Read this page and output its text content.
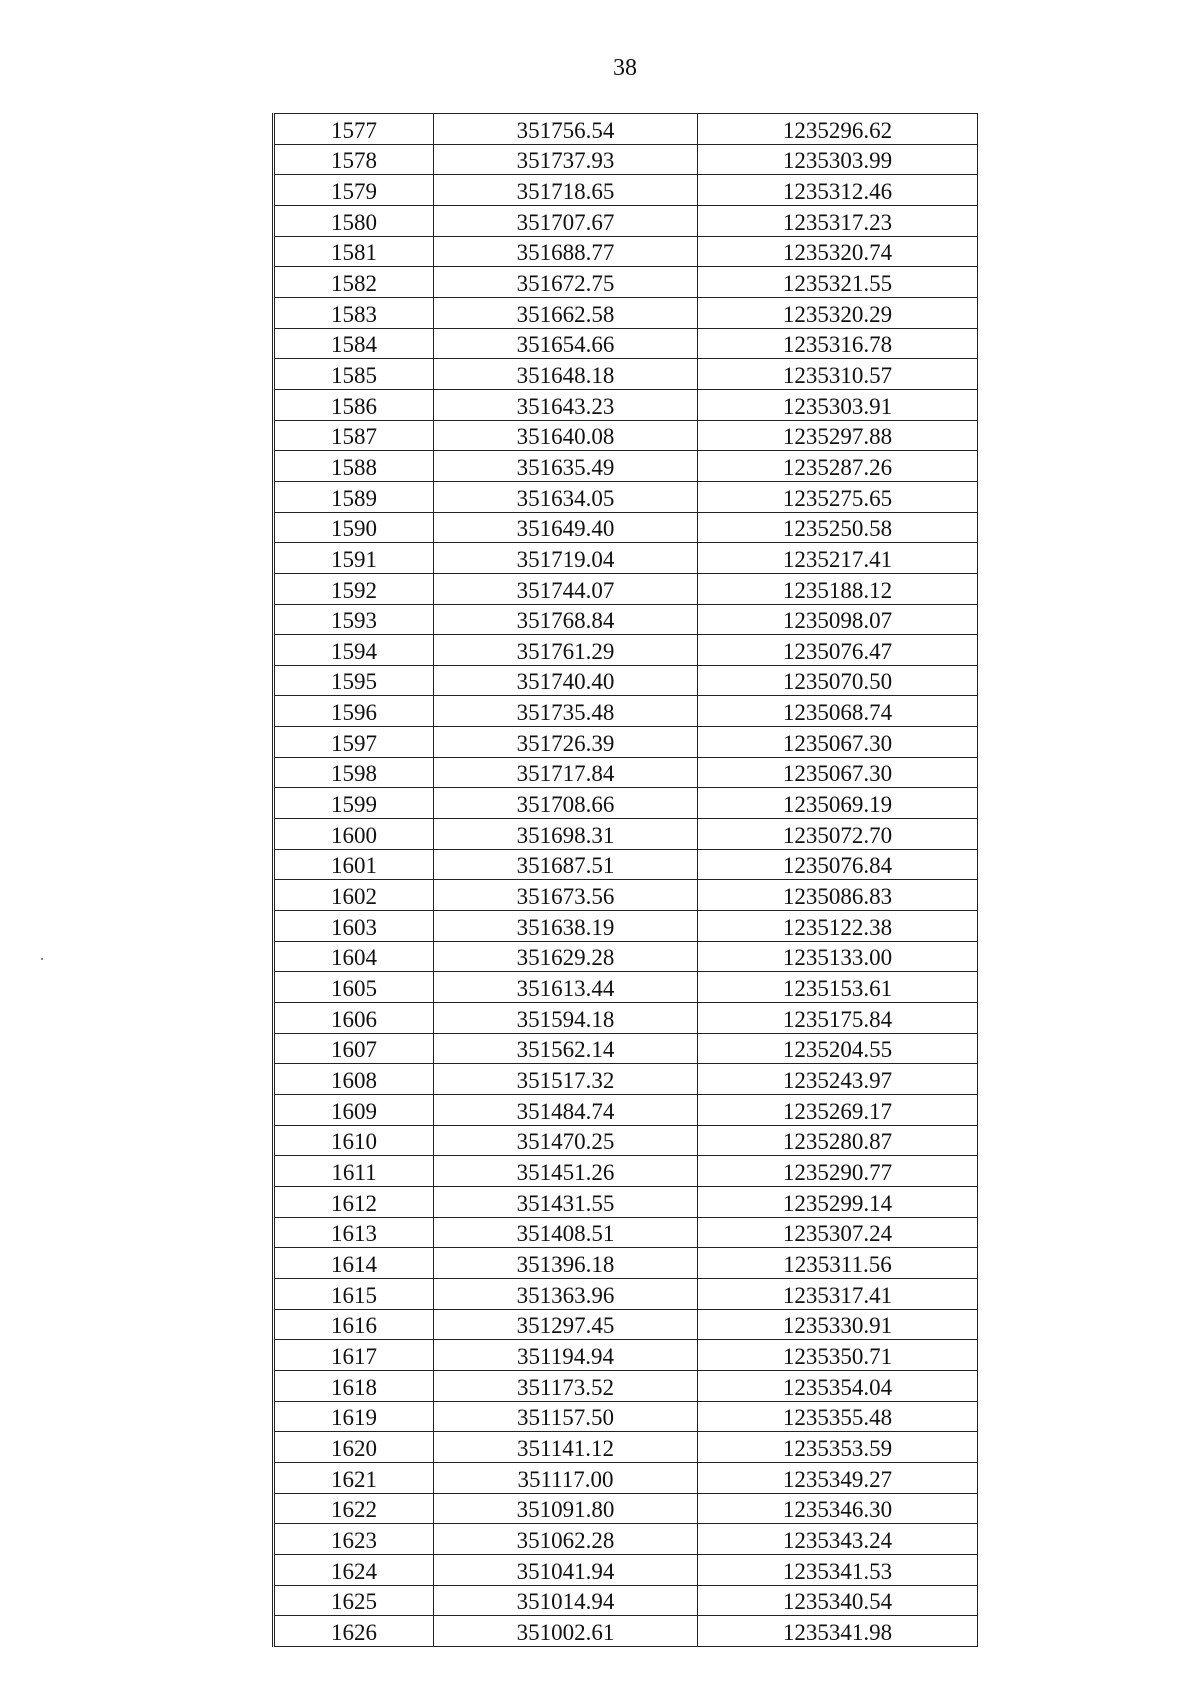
38
1577	351756.54	1235296.62
1578	351737.93	1235303.99
1579	351718.65	1235312.46
1580	351707.67	1235317.23
1581	351688.77	1235320.74
1582	351672.75	1235321.55
1583	351662.58	1235320.29
1584	351654.66	1235316.78
1585	351648.18	1235310.57
1586	351643.23	1235303.91
1587	351640.08	1235297.88
1588	351635.49	1235287.26
1589	351634.05	1235275.65
1590	351649.40	1235250.58
1591	351719.04	1235217.41
1592	351744.07	1235188.12
1593	351768.84	1235098.07
1594	351761.29	1235076.47
1595	351740.40	1235070.50
1596	351735.48	1235068.74
1597	351726.39	1235067.30
1598	351717.84	1235067.30
1599	351708.66	1235069.19
1600	351698.31	1235072.70
1601	351687.51	1235076.84
1602	351673.56	1235086.83
1603	351638.19	1235122.38
1604	351629.28	1235133.00
1605	351613.44	1235153.61
1606	351594.18	1235175.84
1607	351562.14	1235204.55
1608	351517.32	1235243.97
1609	351484.74	1235269.17
1610	351470.25	1235280.87
1611	351451.26	1235290.77
1612	351431.55	1235299.14
1613	351408.51	1235307.24
1614	351396.18	1235311.56
1615	351363.96	1235317.41
1616	351297.45	1235330.91
1617	351194.94	1235350.71
1618	351173.52	1235354.04
1619	351157.50	1235355.48
1620	351141.12	1235353.59
1621	351117.00	1235349.27
1622	351091.80	1235346.30
1623	351062.28	1235343.24
1624	351041.94	1235341.53
1625	351014.94	1235340.54
1626	351002.61	1235341.98
